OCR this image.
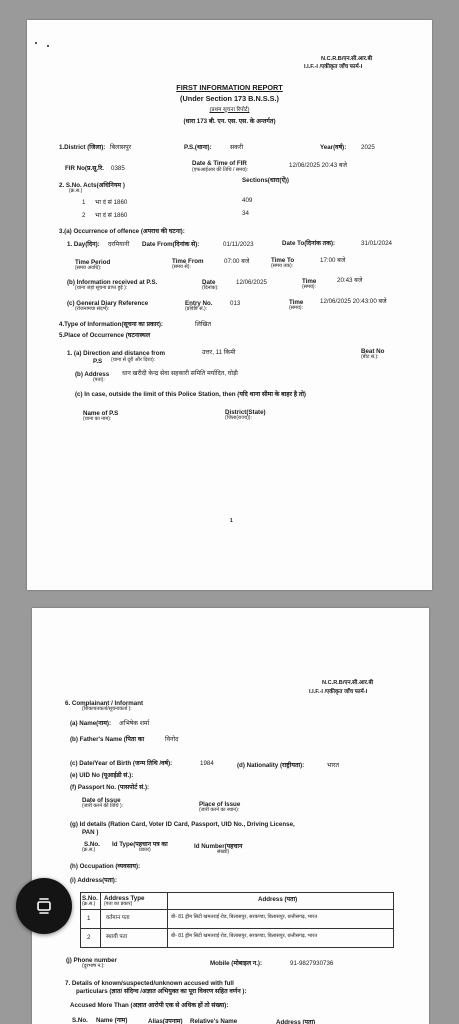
N.C.R.B/एन.सी.आर.बी
I.I.F.-I /एकीकृत जाँच फार्म-I
FIRST INFORMATION REPORT
(Under Section 173 B.N.S.S.)
(प्रथम सूचना रिपोर्ट)
(धारा 173 बी. एन. एस. एस. के अन्तर्गत)
1.District (जिला): बिलासपुर	P.S.(थाना):	सकरी	Year(वर्ष): 2025
FIR No(प्र.सू.रि. 0385
Date & Time of FIR
(एफआईआर की तिथि / समय):
12/06/2025 20:43 बजे
2. S.No. Acts(अधिनियम )
(क्र.स.)
Sections(धारा(ऐं))
1 भा दं सं 1860	409
2 भा दं सं 1860	34
3.(a) Occurrence of offence (अपराध की घटना):
1. Day(दिन): दरमियानी Date From(दिनांक से):	01/11/2023	Date To(दिनांक तक):	31/01/2024
Time Period
(समय अवधि):
Time From
(समय से):
07:00 बजे	Time To
(समय तक):
17:00 बजे
(b) Information received at P.S.
(थाना जहां सूचना प्राप्त हुई ):
Date
(दिनांक):
12/06/2025	Time
(समय):
20:43 बजे
(c) General Diary Reference
(रोजनामचा संदर्भ):
Entry No.
(प्रविष्टि सं.):
013	Time
(समय):
12/06/2025 20:43:00 बजे
4.Type of Information(सूचना का प्रकार):	लिखित
5.Place of Occurrence (घटनास्थल
1. (a) Direction and distance from
P.S (थाना से दूरी और दिशा):
उत्तर, 11 किमी	Beat No
(बीट सं.):
(b) Address
(पता):
धान खरीदी केन्द्र सेवा सहकारी समिति मर्यादित, घोड़ी
(c) In case, outside the limit of this Police Station, then (यदि थाना सीमा के बाहर है तो)
Name of P.S
(थाना का नाम):
District(State)
(जिला(राज्य)):
1
N.C.R.B/एन.सी.आर.बी
I.I.F.-I /एकीकृत जाँच फार्म-I
6. Complainant / Informant
(शिकायतकर्ता/सूचनाकर्ता ):
(a) Name(नाम): अभिषेक शर्मा
(b) Father's Name (पिता का	विनोद
(c) Date/Year of Birth (जन्म तिथि /वर्ष):	1984	(d) Nationality (राष्ट्रीयता):	भारत
(e) UID No (यूआईडी सं.):
(f) Passport No. (पासपोर्ट सं.):
Date of Issue
(जारी करने की तिथि ):	Place of Issue
(जारी करने का स्थान):
(g) Id details (Ration Card, Voter ID Card, Passport, UID No., Driving License,
PAN )
S.No.
(क्र.स.)
Id Type(पहचान पत्र का
प्रकार)	Id Number(पहचान
संख्या)
(h) Occupation (व्यवसाय):
(i) Address(पता):
S.No.
(क्र.स.)
Address Type
(पता का प्रकार)
Address (पता)
1	वर्तमान पता	बी- 81 ड्रीम सिटी खमतराई रोड, बिलासपुर, सरकण्डा, बिलासपुर, छत्तीसगढ़, भारत
2	स्थायी पता	बी- 81 ड्रीम सिटी खमतराई रोड, बिलासपुर, सरकण्डा, बिलासपुर, छत्तीसगढ़, भारत
(j) Phone number
(दूरभाष न.):	Mobile (मोबाइल न.):	91-9827930736
7. Details of known/suspected/unknown accused with full
particulars (ज्ञात/ संदिग्ध /अज्ञात अभियुक्त का पूरा विवरण सहित वर्णन ):
Accused More Than (अज्ञात आरोपी एक से अधिक हों तो संख्या):
S.No. Name (नाम)	Alias(उपनाम) Relative's Name	Address (पता)
